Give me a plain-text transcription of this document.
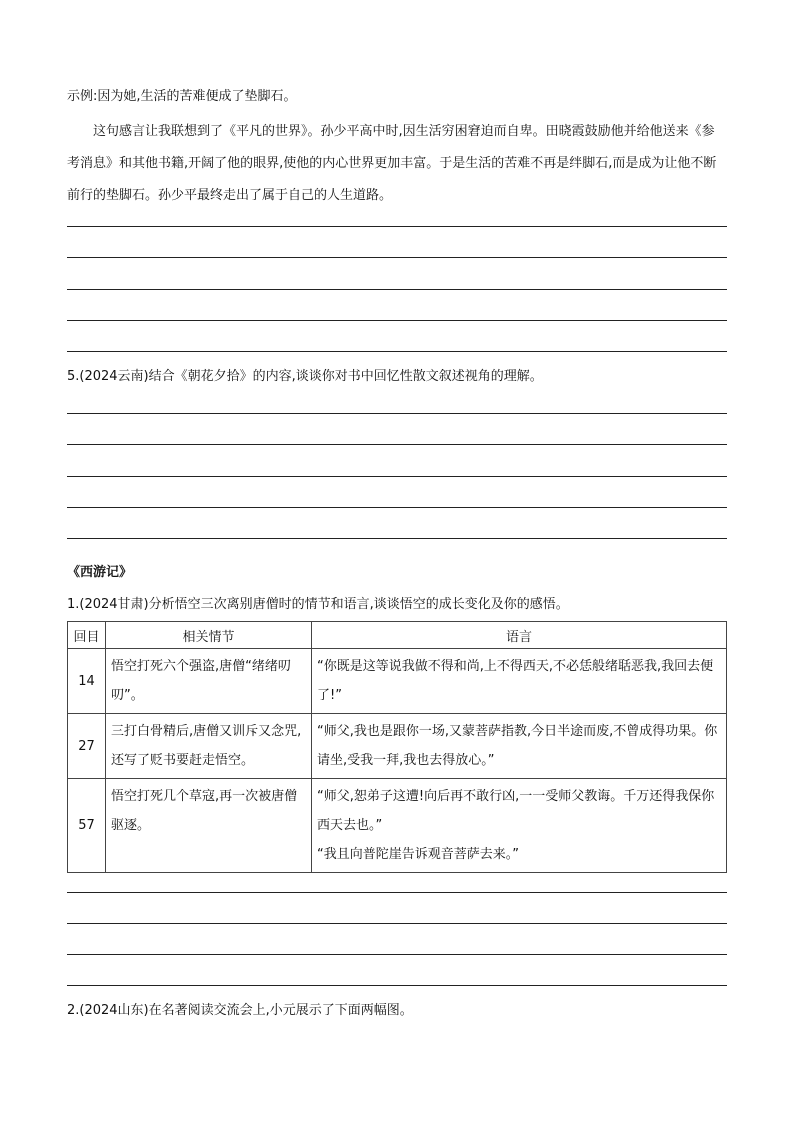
示例:因为她,生活的苦难便成了垫脚石。
这句感言让我联想到了《平凡的世界》。孙少平高中时,因生活穷困窘迫而自卑。田晓霞鼓励他并给他送来《参考消息》和其他书籍,开阔了他的眼界,使他的内心世界更加丰富。于是生活的苦难不再是绊脚石,而是成为让他不断前行的垫脚石。孙少平最终走出了属于自己的人生道路。
5.(2024云南)结合《朝花夕拾》的内容,谈谈你对书中回忆性散文叙述视角的理解。
《西游记》
1.(2024甘肃)分析悟空三次离别唐僧时的情节和语言,谈谈悟空的成长变化及你的感悟。
回目	相关情节	语言
14	悟空打死六个强盗,唐僧“绪绪叨叨”。	“你既是这等说我做不得和尚,上不得西天,不必恁般绪聒恶我,我回去便了!”

27	三打白骨精后,唐僧又训斥又念咒,还写了贬书要赶走悟空。	“师父,我也是跟你一场,又蒙菩萨指教,今日半途而废,不曾成得功果。你请坐,受我一拜,我也去得放心。”

57	悟空打死几个草寇,再一次被唐僧驱逐。	“师父,恕弟子这遭!向后再不敢行凶,一一受师父教诲。千万还得我保你西天去也。”
“我且向普陀崖告诉观音菩萨去来。”
2.(2024山东)在名著阅读交流会上,小元展示了下面两幅图。
